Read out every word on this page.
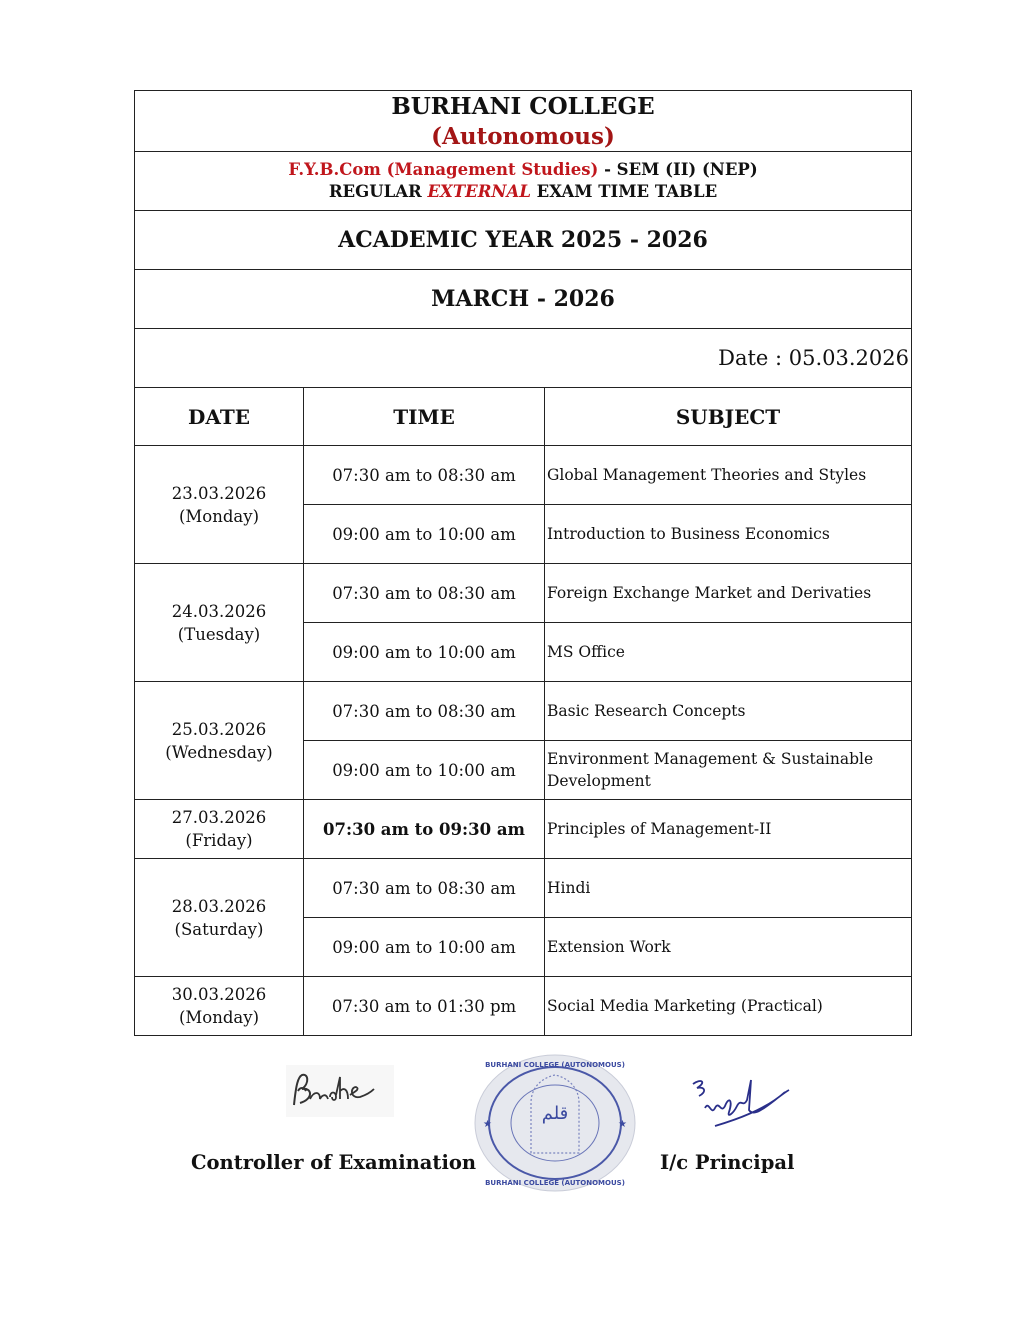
BURHANI COLLEGE
(Autonomous)		

F.Y.B.Com (Management Studies) - SEM (II) (NEP)
REGULAR EXTERNAL EXAM TIME TABLE		

ACADEMIC YEAR 2025 - 2026		
MARCH - 2026		
Date : 05.03.2026		
DATE	TIME	SUBJECT

23.03.2026
(Monday)	07:30 am to 08:30 am	Global Management Theories and Styles
	09:00 am to 10:00 am	Introduction to Business Economics

24.03.2026
(Tuesday)	07:30 am to 08:30 am	Foreign Exchange Market and Derivaties
	09:00 am to 10:00 am	MS Office

25.03.2026
(Wednesday)	07:30 am to 08:30 am	Basic Research Concepts
	09:00 am to 10:00 am	Environment Management & Sustainable Development

27.03.2026
(Friday)	07:30 am to 09:30 am	Principles of Management-II

28.03.2026
(Saturday)	07:30 am to 08:30 am	Hindi
	09:00 am to 10:00 am	Extension Work

30.03.2026
(Monday)	07:30 am to 01:30 pm	Social Media Marketing (Practical)
قلم
BURHANI COLLEGE (AUTONOMOUS)
BURHANI COLLEGE (AUTONOMOUS)
★	★
Controller of Examination	I/c Principal
